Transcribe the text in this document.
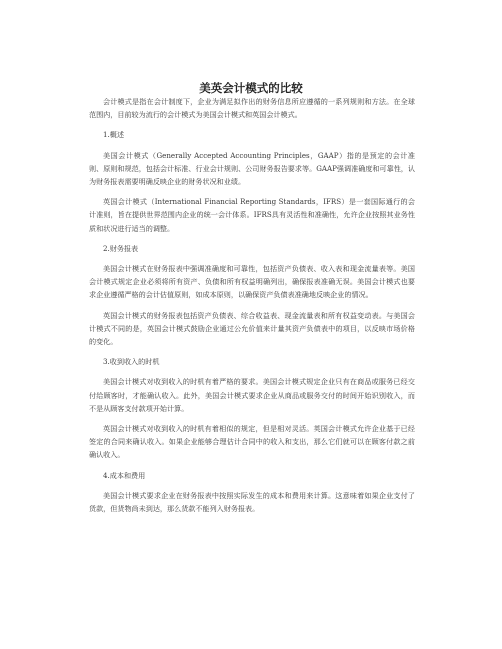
美英会计模式的比较

会计模式是指在会计制度下，企业为满足拟作出的财务信息所应遵循的一系列规则和方法。在全球范围内，目前较为流行的会计模式为美国会计模式和英国会计模式。

1.概述

美国会计模式（Generally Accepted Accounting Principles，GAAP）指的是预定的会计准则、原则和规范，包括会计标准、行业会计规则、公司财务报告要求等。GAAP强调准确度和可靠性，认为财务报表需要明确反映企业的财务状况和业绩。

英国会计模式（International Financial Reporting Standards，IFRS）是一套国际通行的会计准则，旨在提供世界范围内企业的统一会计体系。IFRS具有灵活性和准确性，允许企业按照其业务性质和状况进行适当的调整。

2.财务报表

美国会计模式在财务报表中强调准确度和可靠性，包括资产负债表、收入表和现金流量表等。美国会计模式规定企业必须将所有资产、负债和所有权益明确列出，确保报表准确无误。美国会计模式也要求企业遵循严格的会计估值原则，如成本原则，以确保资产负债表准确地反映企业的情况。

英国会计模式的财务报表包括资产负债表、综合收益表、现金流量表和所有权益变动表。与美国会计模式不同的是，英国会计模式鼓励企业通过公允价值来计量其资产负债表中的项目，以反映市场价格的变化。

3.收到收入的时机

美国会计模式对收到收入的时机有着严格的要求。美国会计模式规定企业只有在商品或服务已经交付给顾客时，才能确认收入。此外，美国会计模式要求企业从商品或服务交付的时间开始识别收入，而不是从顾客支付款项开始计算。

英国会计模式对收到收入的时机有着相似的规定，但是相对灵活。英国会计模式允许企业基于已经签定的合同来确认收入。如果企业能够合理估计合同中的收入和支出，那么它们就可以在顾客付款之前确认收入。

4.成本和费用

美国会计模式要求企业在财务报表中按照实际发生的成本和费用来计算。这意味着如果企业支付了货款，但货物尚未到达，那么货款不能列入财务报表。
